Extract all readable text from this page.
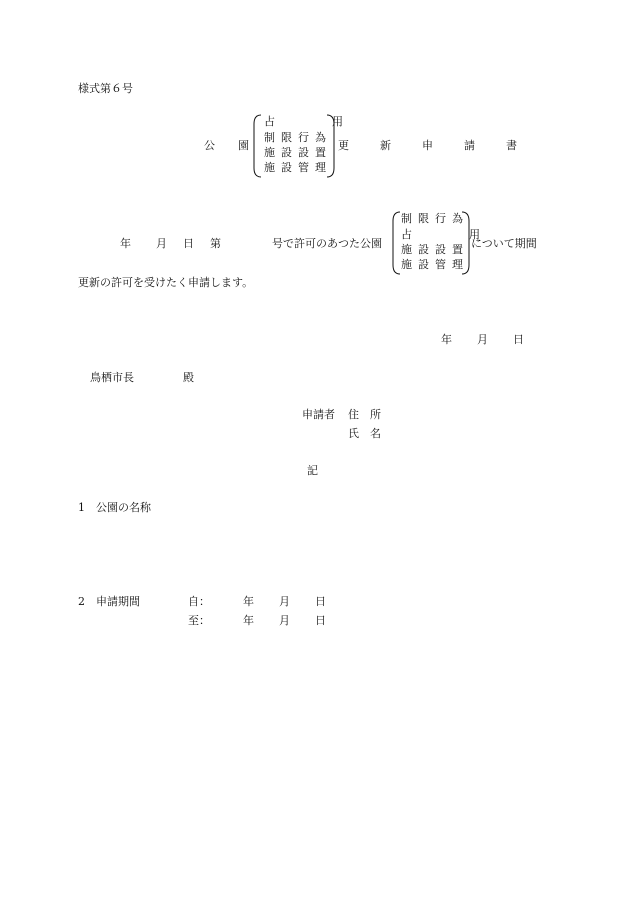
様式第６号
公　園
占　　　用
制限行為
施設設置
施設管理
更　新　申　請　書
年 月 日 第	号で許可のあつた公園
制限行為
占　　　用
施設設置
施設管理
について期間
更新の許可を受けたく申請します。
年 月 日
鳥栖市長	殿
申請者 住　所
氏　名
記
1 公園の名称
2 申請期間	自：	年 月 日
至：	年 月 日
